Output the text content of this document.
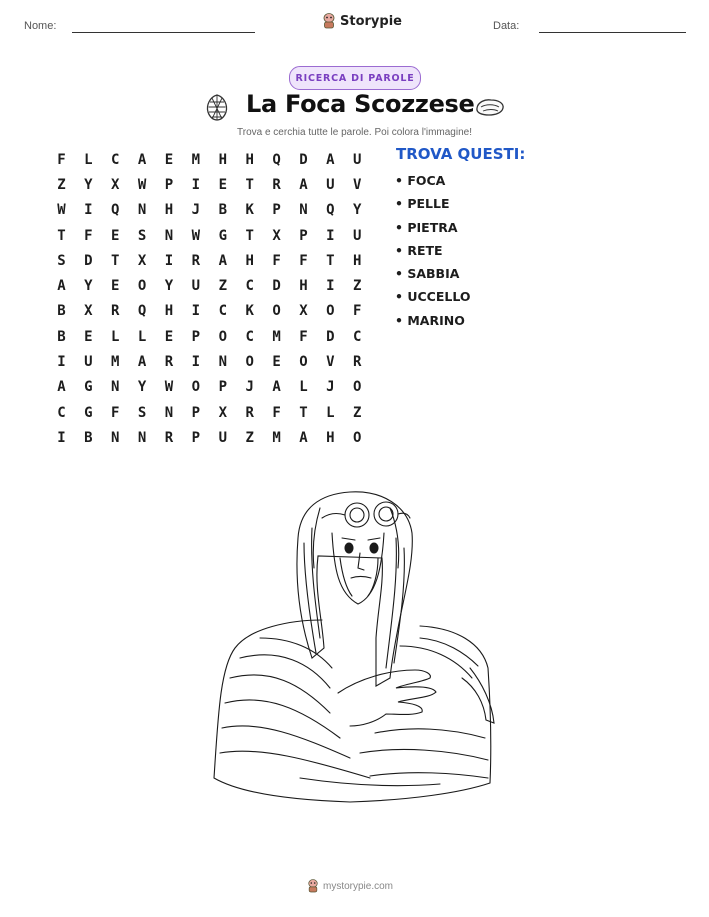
Nome:	Storypie	Data:
RICERCA DI PAROLE
La Foca Scozzese
Trova e cerchia tutte le parole. Poi colora l'immagine!
F	L	C	A	E	M	H	H	Q	D	A	U
Z	Y	X	W	P	I	E	T	R	A	U	V
W	I	Q	N	H	J	B	K	P	N	Q	Y
T	F	E	S	N	W	G	T	X	P	I	U
S	D	T	X	I	R	A	H	F	F	T	H
A	Y	E	O	Y	U	Z	C	D	H	I	Z
B	X	R	Q	H	I	C	K	O	X	O	F
B	E	L	L	E	P	O	C	M	F	D	C
I	U	M	A	R	I	N	O	E	O	V	R
A	G	N	Y	W	O	P	J	A	L	J	O
C	G	F	S	N	P	X	R	F	T	L	Z
I	B	N	N	R	P	U	Z	M	A	H	O
TROVA QUESTI:
• FOCA
• PELLE
• PIETRA
• RETE
• SABBIA
• UCCELLO
• MARINO
mystorypie.com
